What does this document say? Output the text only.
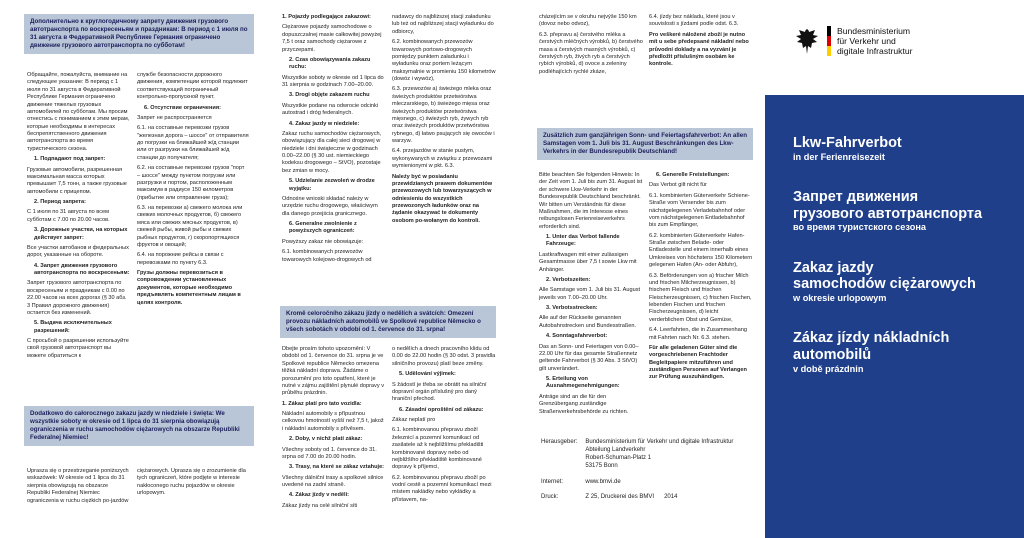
Дополнительно к круглогодичному запрету движения грузового автотранспорта по воскресеньям и праздникам: В период с 1 июля по 31 августа в Федеративной Республике Германия ограничено движение грузового автотранспорта по субботам!

Обращайте, пожалуйста, внимание на следующее указание: В период с 1 июля по 31 августа в Федеративной Республике Германия ограничено движение тяжелых грузовых автомобилей по субботам. Мы просим отнестись с пониманием к этим мерам, которые необходимы в интересах беспрепятственного движения автотранспорта во время туристического сезона.

1. Подпадают под запрет:

Грузовые автомобили, разрешенная максимальная масса которых превышает 7,5 тонн, а также грузовые автомобили с прицепом.

2. Период запрета:

С 1 июля по 31 августа по всем субботам с 7.00 по 20.00 часов.

3. Дорожные участки, на которых действует запрет:

Все участки автобанов и федеральных дорог, указанные на обороте.

4. Запрет движения грузового автотранспорта по воскресеньям:

Запрет грузового автотранспорта по воскресеньям и праздникам с 0.00 по 22.00 часов на всех дорогах (§ 30 абз. 3 Правил дорожного движения) остается без изменений.

5. Выдача исключительных разрешений:

С просьбой о разрешении используйте свой грузовой автотранспорт вы можете обратиться к

службе безопасности дорожного движения, компетенции которой подлежит соответствующий пограничный контрольно-пропускной пункт.

6. Отсутствие ограничения:

Запрет не распространяется

6.1. на составные перевозки грузов "железная дорога – шоссе" от отправителя до погрузки на ближайшей ж/д станции или от разгрузки на ближайшей ж/д станции до получателя;

6.2. на составные перевозки грузов "порт – шоссе" между пунктом погрузки или разгрузки и портом, расположенным максимум в радиусе 150 километров (прибытие или отправление груза);

6.3. на перевозки а) свежего молока или свежих молочных продуктов, б) свежего мяса или свежих мясных продуктов, в) свежей рыбы, живой рыбы и свежих рыбных продуктов, г) скоропортящихся фруктов и овощей;

6.4. на порожние рейсы в связи с перевозками по пункту 6.3.

Грузы должны перевозиться в сопровождении установленных документов, которые необходимо предъявлять компетентным лицам в целях контроля.

Dodatkowo do całorocznego zakazu jazdy w niedziele i święta: We wszystkie soboty w okresie od 1 lipca do 31 sierpnia obowiązują ograniczenia w ruchu samochodów ciężarowych na obszarze Republiki Federalnej Niemiec!
Uprasza się o przestrzeganie poniższych wskazówek: W okresie od 1 lipca do 31 sierpnia obowiązują na obszarze Republiki Federalnej Niemiec ograniczenia w ruchu ciężkich po-jazdów
ciężarowych. Uprasza się o zrozumienie dla tych ograniczeń, które podjęte w interesie nakłoconego ruchu pojazdów w okresie urlopowym.

1. Pojazdy podlegające zakazowi:

Ciężarowe pojazdy samochodowe o dopuszczalnej masie całkowitej powyżej 7,5 t oraz samochody ciężarowe z przyczepami.

2. Czas obowiązywania zakazu ruchu:

Wszystkie soboty w okresie od 1 lipca do 31 sierpnia w godzinach 7.00–20.00.

3. Drogi objęte zakazem ruchu

Wszystkie podane na odwrocie odcinki autostrad i dróg federalnych.

4. Zakaz jazdy w niedziele:

Zakaz ruchu samochodów ciężarowych, obowiązujący dla całej sieci drogowej w niedziele i dni świąteczne w godzinach 0.00–22.00 (§ 30 ust. niemieckiego kodeksu drogowego – StVO), pozostaje bez zmian w mocy.

5. Udzielanie zezwoleń w drodze wyjątku:

Odnośne wnioski składać należy w urzędzie ruchu drogowego, właściwym dla danego przejścia granicznego.

6. Generalne zwolnienie z powyższych ograniczeń:

Powyższy zakaz nie obowiązuje:

6.1. kombinowanych przewozów towarowych kolejowo-drogowych od

nadawcy do najbliższej stacji załadunku lub też od najbliższej stacji wyładunku do odbiorcy,

6.2. kombinowanych przewozów towarowych portowo-drogowych pomiędzy punktem załadunku i wyładunku oraz portem leżącym maksymalnie w promieniu 150 kilometrów (dowóz i wywóz),

6.3. przewozów a) świeżego mleka oraz świeżych produktów przetwórstwa mleczarskiego, b) świeżego mięsa oraz świeżych produktów przetwórstwa mięsnego, c) świeżych ryb, żywych ryb oraz świeżych produktów przetwórstwa rybnego, d) łatwo psujących się owoców i warzyw.

6.4. przejazdów w stanie pustym, wykonywanych w związku z przewozami wymienionymi w pkt. 6.3.

Należy być w posiadaniu przewidzianych prawem dokumentów przewozowych lub towarzyszących w odniesieniu do wszystkich przewozonych ładunków oraz na żądanie okazywać te dokumenty osobom po-wołanym do kontroli.

Kromě celoročního zákazu jízdy o nedělích a svátcích: Omezení provozu nákladních automobilů ve Spolkové republice Německo o všech sobotách v období od 1. července do 31. srpna!

Dbejte prosím tohoto upozornění: V období od 1. července do 31. srpna je ve Spolkové republice Německo omezena těžká nákladní doprava. Žádáme o porozumění pro toto opatření, které je nutné v zájmu zajištění plynulé dopravy v průběhu prázdnin.

1. Zákaz platí pro tato vozidla:

Nákladní automobily s přípustnou celkovou hmotností vyšší než 7,5 t, jakož i nákladní automobily s přívěsem.

2. Doby, v nichž platí zákaz:

Všechny soboty od 1. července do 31. srpna od 7.00 do 20.00 hodin.

3. Trasy, na které se zákaz vztahuje:

Všechny dálniční trasy a spolkové silnice uvedené na zadní straně.

4. Zákaz jízdy v neděli:

Zákaz jízdy na celé silniční síti

o nedělích a dnech pracovního klidu od 0.00 do 22.00 hodin (§ 30 odst. 3 pravidla silničního provozu) platí beze změny.

5. Udělování výjimek:

S žádostí je třeba se obrátit na silniční dopravní orgán příslušný pro daný hraniční přechod.

6. Zásadní oproštění od zákazu:

Zákaz neplatí pro

6.1. kombinovanou přepravu zboží železnicí a pozemní komunikací od zasilatele až k nejbližšímu překladišti kombinované dopravy nebo od nejbližšího překladiště kombinované dopravy k příjemci,

6.2. kombinovanou přepravu zboží po vodní cestě a pozemní komunikací mezi místem nakládky nebo vykládky a přístavem, na-

cházejícím se v okruhu nejvýše 150 km (dovoz nebo odvoz),

6.3. přepravu a) čerstvého mléka a čerstvých mléčných výrobků, b) čerstvého masa a čerstvých masných výrobků, c) čerstvých ryb, živých ryb a čerstvých rybích výrobků, d) ovoce a zeleniny podléhajících rychlé zkáze,

6.4. jízdy bez nákladu, které jsou v souvislosti s jízdami podle odst. 6.3.

Pro veškeré náložené zboží je nutno mít u sebe předepsané nákladní nebo průvodní doklady a na vyzvání je předložit příslušným osobám ke kontrole.

Zusätzlich zum ganzjährigen Sonn- und Feiertagsfahrverbot: An allen Samstagen vom 1. Juli bis 31. August Beschränkungen des Lkw-Verkehrs in der Bundesrepublik Deutschland!

Bitte beachten Sie folgenden Hinweis: In der Zeit vom 1. Juli bis zum 31. August ist der schwere Lkw-Verkehr in der Bundesrepublik Deutschland beschränkt. Wir bitten um Verständnis für diese Maßnahmen, die im Interesse eines reibungslosen Ferienreiseverkehrs erforderlich sind.

1. Unter das Verbot fallende Fahrzeuge:

Lastkraftwagen mit einer zulässigen Gesamtmasse über 7,5 t sowie Lkw mit Anhänger.

2. Verbotszeiten:

Alle Samstage vom 1. Juli bis 31. August jeweils von 7.00–20.00 Uhr.

3. Verbotsstrecken:

Alle auf der Rückseite genannten Autobahnstrecken und Bundesstraßen.

4. Sonntagsfahrverbot:

Das an Sonn- und Feiertagen von 0.00–22.00 Uhr für das gesamte Straßennetz geltende Fahrverbot (§ 30 Abs. 3 StVO) gilt unverändert.

5. Erteilung von Ausnahmegenehmigungen:

Anträge sind an die für den Grenzübergang zuständige Straßenverkehrsbehörde zu richten.

6. Generelle Freistellungen:

Das Verbot gilt nicht für

6.1. kombinierten Güterverkehr Schiene-Straße vom Versender bis zum nächstgelegenen Verladebahnhof oder vom nächstgelegenen Entladebahnhof bis zum Empfänger,

6.2. kombinierten Güterverkehr Hafen-Straße zwischen Belade- oder Entladestelle und einem innerhalb eines Umkreises von höchstens 150 Kilometern gelegenen Hafen (An- oder Abfuhr),

6.3. Beförderungen von a) frischer Milch und frischen Milcherzeugnissen, b) frischem Fleisch und frischen Fleischerzeugnissen, c) frischen Fischen, lebenden Fischen und frischen Fischerzeugnissen, d) leicht verderblichem Obst und Gemüse,

6.4. Leerfahrten, die in Zusammenhang mit Fahrten nach Nr. 6.3. stehen.

Für alle geladenen Güter sind die vorgeschriebenen Frachtoder Begleitpapiere mitzuführen und zuständigen Personen auf Verlangen zur Prüfung auszuhändigen.

Herausgeber:	Bundesministerium für Verkehr und digitale Infrastruktur
Abteilung Landverkehr
Robert-Schuman-Platz 1
53175 Bonn

Internet:	www.bmvi.de
Druck:	Z 25, Druckerei des BMVI 2014
Bundesministerium
für Verkehr und
digitale Infrastruktur
Lkw-Fahrverbot
in der Ferienreisezeit
Запрет движения
грузового автотранспорта
во время туристского сезона
Zakaz jazdy
samochodów ciężarowych
w okresie urlopowym
Zákaz jízdy nákladních
automobilů
v době prázdnin
